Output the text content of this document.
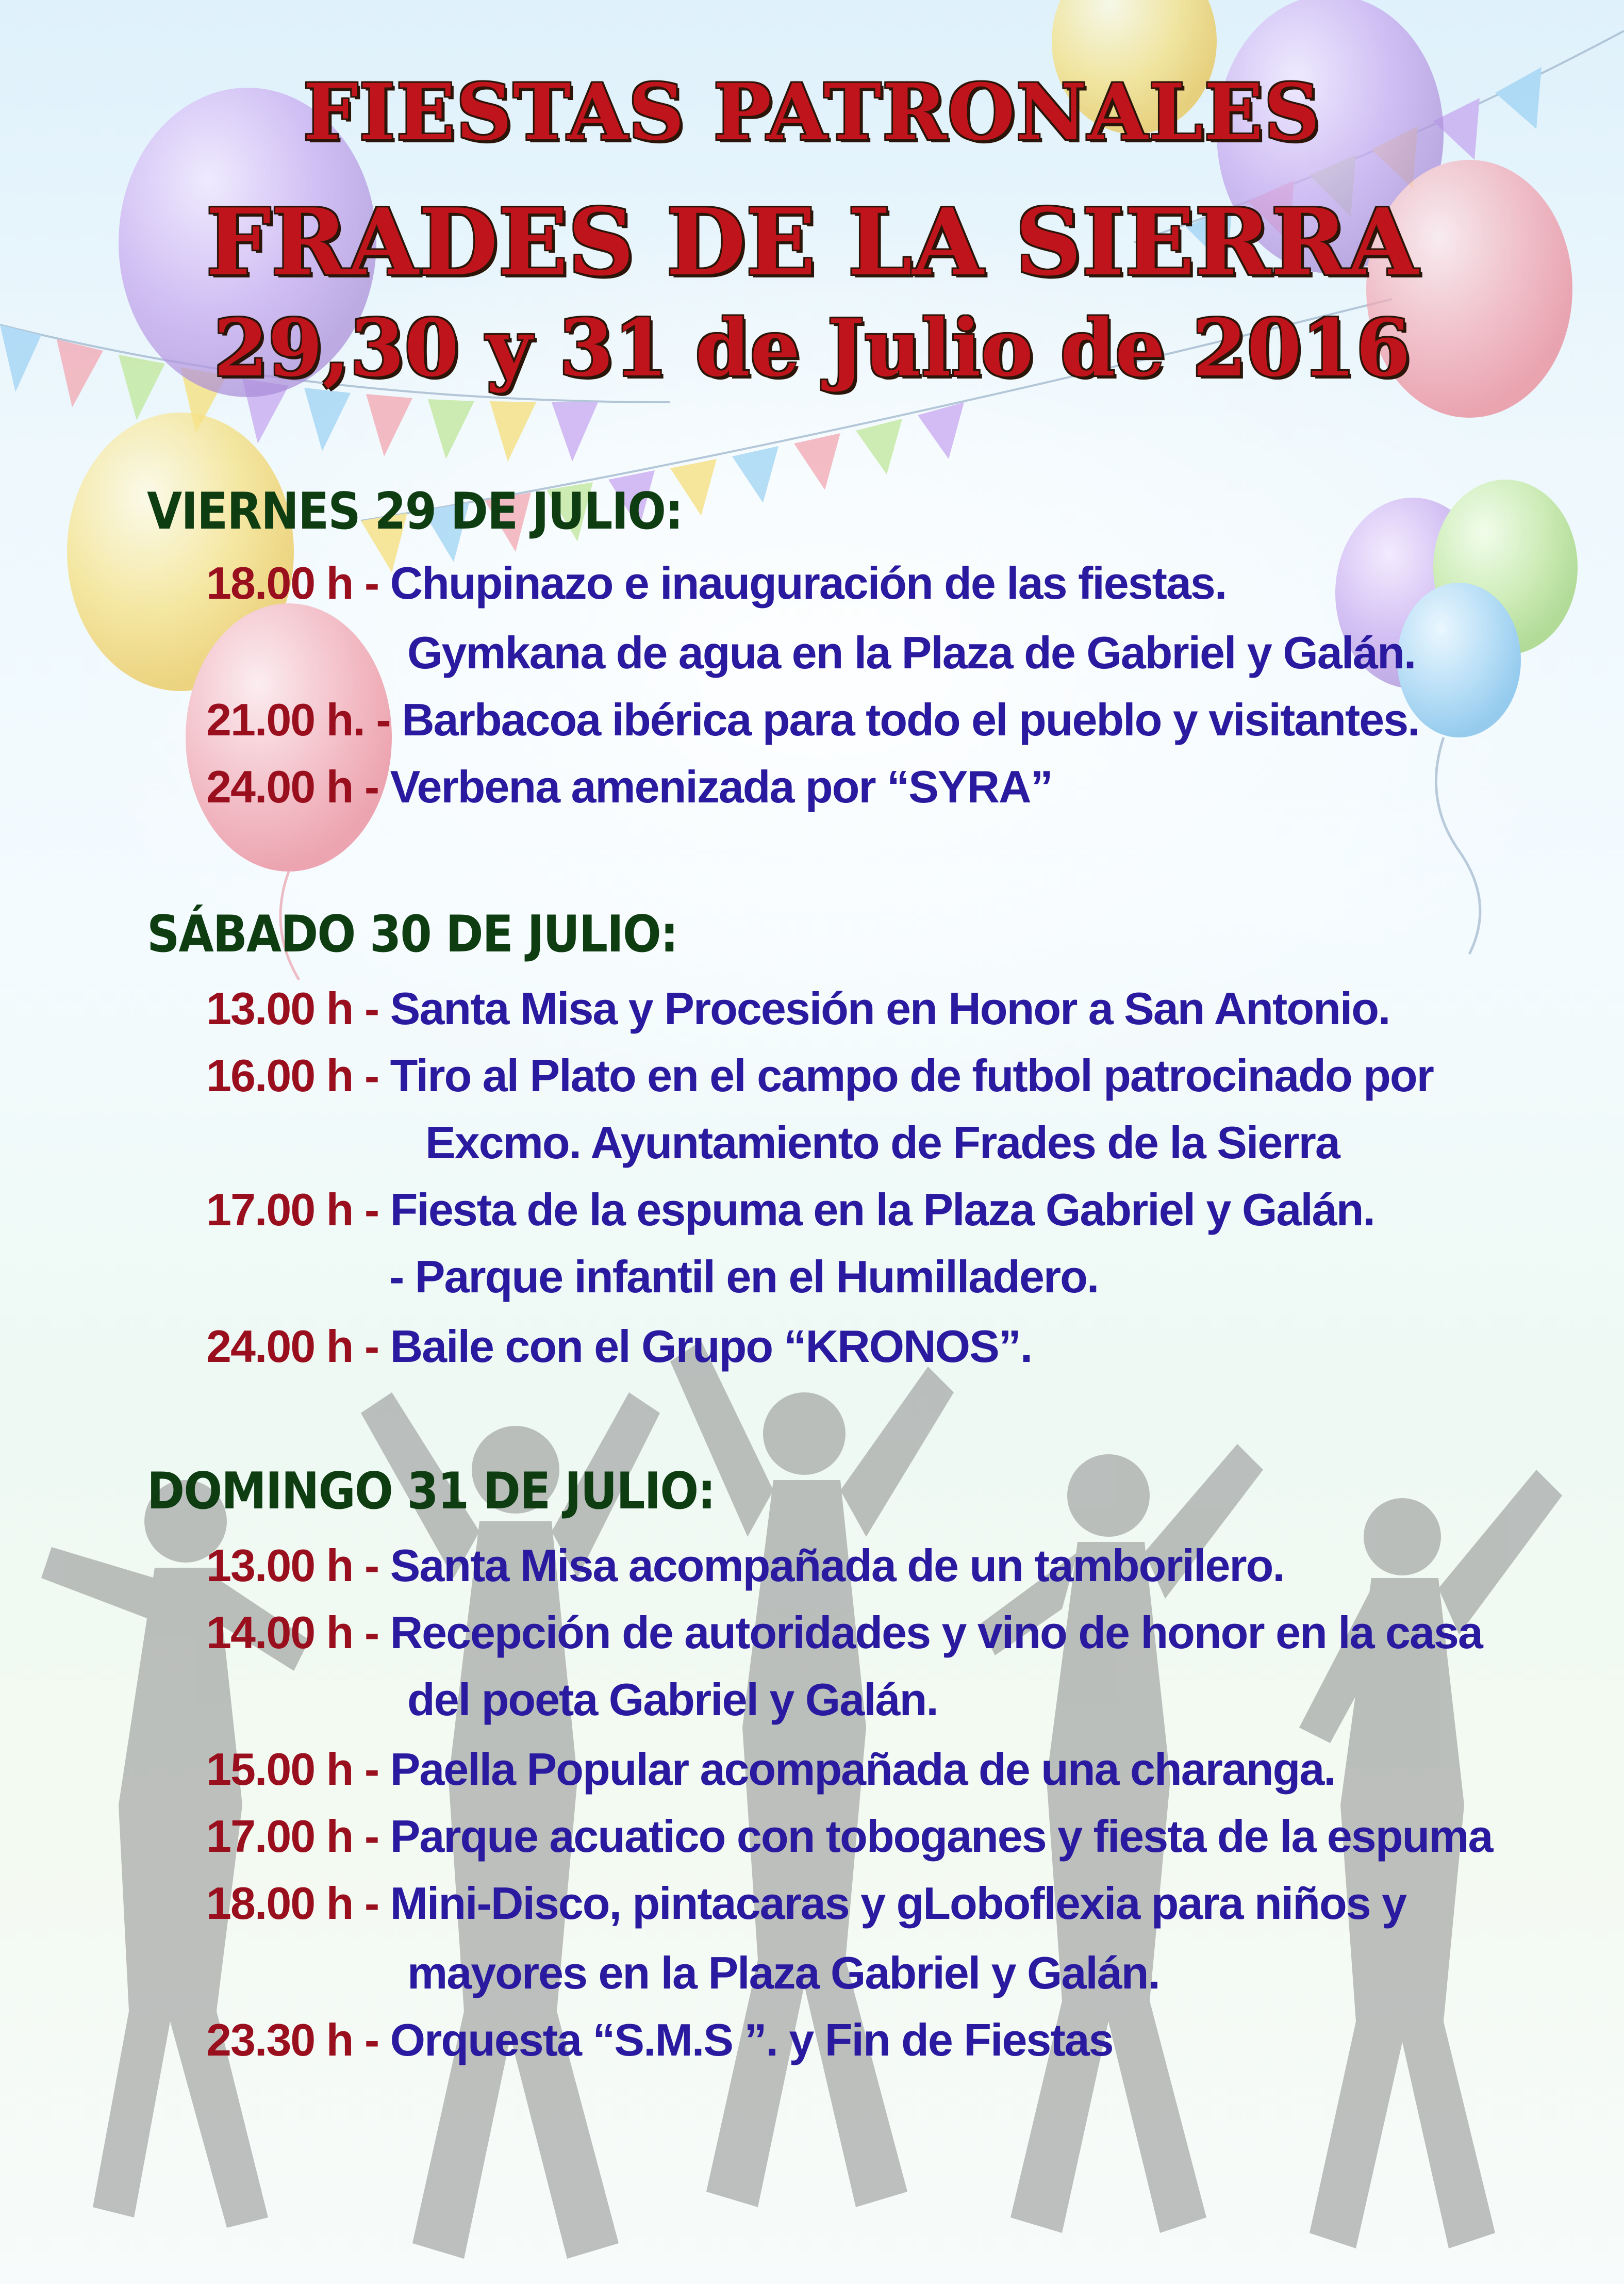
FIESTAS PATRONALES
FRADES DE LA SIERRA
29,30 y 31 de Julio de 2016
VIERNES 29 DE JULIO:
18.00 h - Chupinazo e inauguración de las fiestas.
Gymkana de agua en la Plaza de Gabriel y Galán.
21.00 h. - Barbacoa ibérica para todo el pueblo y visitantes.
24.00 h - Verbena amenizada por “SYRA”
SÁBADO 30 DE JULIO:
13.00 h - Santa Misa y Procesión en Honor a San Antonio.
16.00 h - Tiro al Plato en el campo de futbol patrocinado por
Excmo. Ayuntamiento de Frades de la Sierra
17.00 h - Fiesta de la espuma en la Plaza Gabriel y Galán.
- Parque infantil en el Humilladero.
24.00 h - Baile con el Grupo “KRONOS”.
DOMINGO 31 DE JULIO:
13.00 h - Santa Misa acompañada de un tamborilero.
14.00 h - Recepción de autoridades y vino de honor en la casa
del poeta Gabriel y Galán.
15.00 h - Paella Popular acompañada de una charanga.
17.00 h - Parque acuatico con toboganes y fiesta de la espuma
18.00 h - Mini-Disco, pintacaras y gLoboflexia para niños y
mayores en la Plaza Gabriel y Galán.
23.30 h - Orquesta “S.M.S ”. y Fin de Fiestas
